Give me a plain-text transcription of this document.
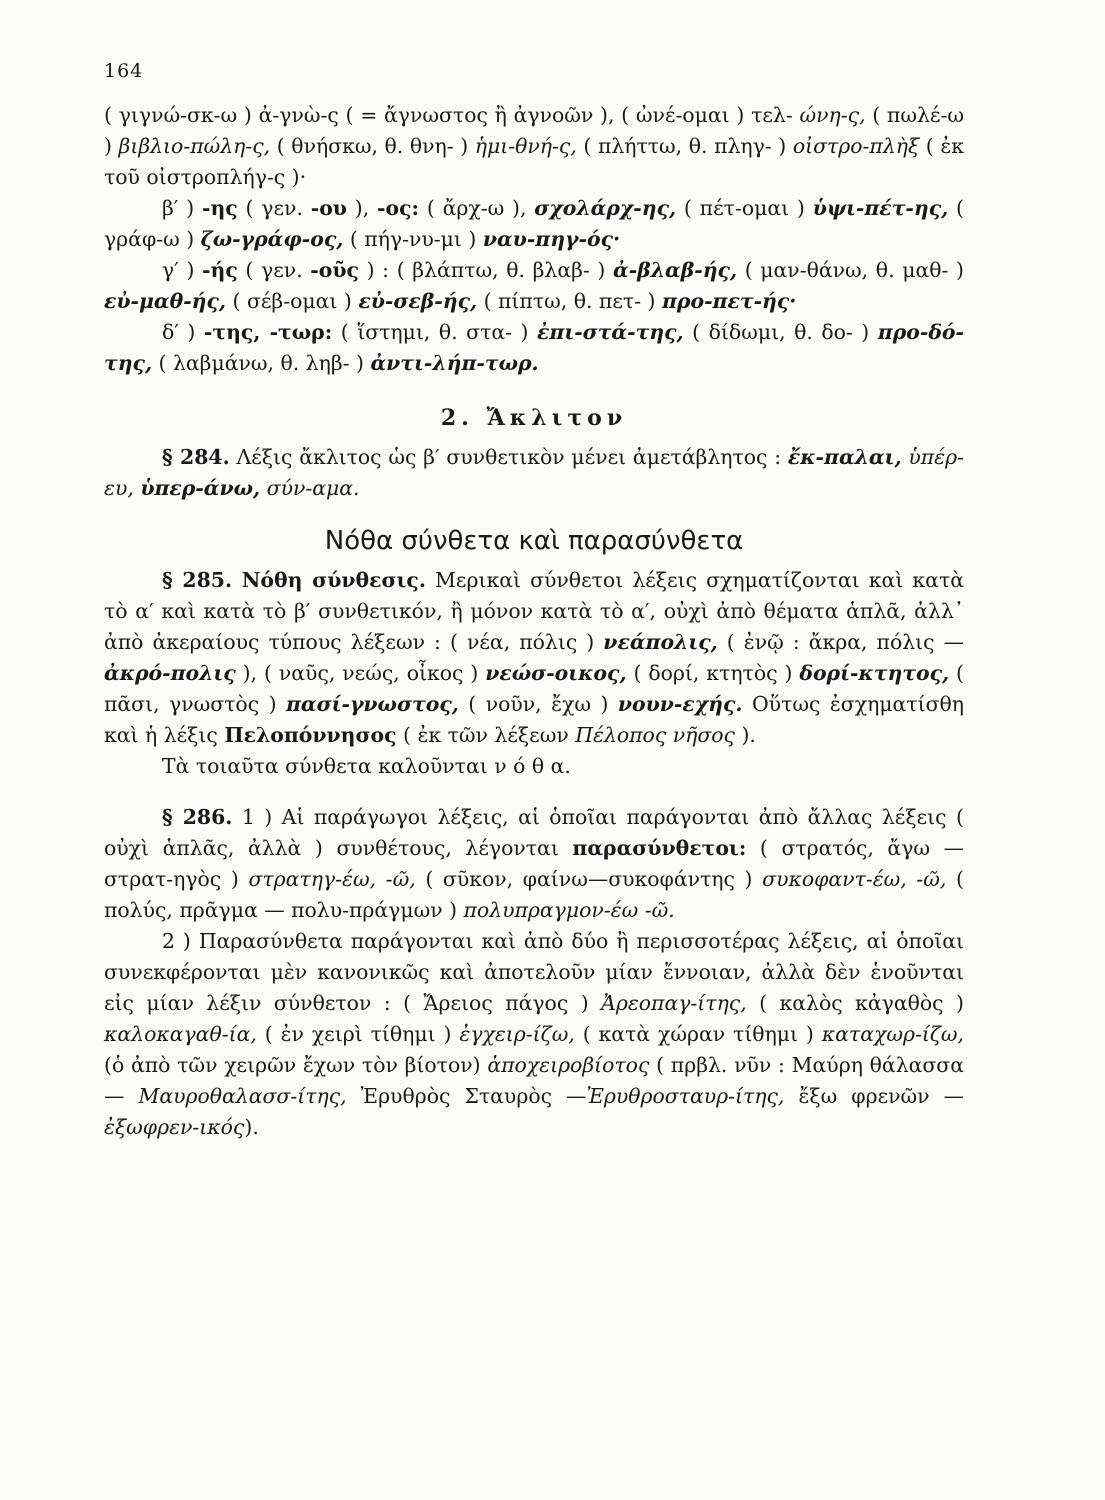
164

( γιγνώ-σκ-ω ) ἀ-γνὼ-ς ( = ἄγνωστος ἢ ἀγνοῶν ), ( ὠνέ-ομαι ) τελ- ώνη-ς, ( πωλέ-ω ) βιβλιο-πώλη-ς, ( θνήσκω, θ. θνη- ) ἡμι-θνή-ς, ( πλήττω, θ. πληγ- ) οἰστρο-πλὴξ ( ἐκ τοῦ οἰστροπλήγ-ς )·

β′ ) -ης ( γεν. -ου ), -ος: ( ἄρχ-ω ), σχολάρχ-ης, ( πέτ-ομαι ) ὑψι-πέτ-ης, ( γράφ-ω ) ζω-γράφ-ος, ( πήγ-νυ-μι ) ναυ-πηγ-ός·

γ′ ) -ής ( γεν. -οῦς ) : ( βλάπτω, θ. βλαβ- ) ἀ-βλαβ-ής, ( μαν-θάνω, θ. μαθ- ) εὐ-μαθ-ής, ( σέβ-ομαι ) εὐ-σεβ-ής, ( πίπτω, θ. πετ- ) προ-πετ-ής·

δ′ ) -της, -τωρ: ( ἵστημι, θ. στα- ) ἐπι-στά-της, ( δίδωμι, θ. δο- ) προ-δό-της, ( λαβμάνω, θ. ληβ- ) ἀντι-λήπ-τωρ.

2. Ἄκλιτον

§ 284. Λέξις ἄκλιτος ὡς β′ συνθετικὸν μένει ἀμετάβλητος : ἔκ-παλαι, ὑπέρ-ευ, ὑπερ-άνω, σύν-αμα.

Νόθα σύνθετα καὶ παρασύνθετα

§ 285. Νόθη σύνθεσις. Μερικαὶ σύνθετοι λέξεις σχηματίζονται καὶ κατὰ τὸ α′ καὶ κατὰ τὸ β′ συνθετικόν, ἢ μόνον κατὰ τὸ α′, οὐχὶ ἀπὸ θέματα ἁπλᾶ, ἀλλ᾽ ἀπὸ ἀκεραίους τύπους λέξεων : ( νέα, πόλις ) νεάπολις, ( ἐνῷ : ἄκρα, πόλις — ἀκρό-πολις ), ( ναῦς, νεώς, οἶκος ) νεώσ-οικος, ( δορί, κτητὸς ) δορί-κτητος, ( πᾶσι, γνωστὸς ) πασί-γνωστος, ( νοῦν, ἔχω ) νουν-εχής. Οὕτως ἐσχηματίσθη καὶ ἡ λέξις Πελοπόννησος ( ἐκ τῶν λέξεων Πέλοπος νῆσος ).

Τὰ τοιαῦτα σύνθετα καλοῦνται ν ό θ α.

§ 286. 1 ) Αἱ παράγωγοι λέξεις, αἱ ὁποῖαι παράγονται ἀπὸ ἄλλας λέξεις ( οὐχὶ ἁπλᾶς, ἀλλὰ ) συνθέτους, λέγονται παρασύνθετοι: ( στρατός, ἄγω — στρατ-ηγὸς ) στρατηγ-έω, -ῶ, ( σῦκον, φαίνω—συκοφάντης ) συκοφαντ-έω, -ῶ, ( πολύς, πρᾶγμα — πολυ-πράγμων ) πολυπραγμον-έω -ῶ.

2 ) Παρασύνθετα παράγονται καὶ ἀπὸ δύο ἢ περισσοτέρας λέξεις, αἱ ὁποῖαι συνεκφέρονται μὲν κανονικῶς καὶ ἀποτελοῦν μίαν ἔννοιαν, ἀλλὰ δὲν ἑνοῦνται εἰς μίαν λέξιν σύνθετον : ( Ἄρειος πάγος ) Ἀρεοπαγ-ίτης, ( καλὸς κἀγαθὸς ) καλοκαγαθ-ία, ( ἐν χειρὶ τίθημι ) ἐγχειρ-ίζω, ( κατὰ χώραν τίθημι ) καταχωρ-ίζω, (ὁ ἀπὸ τῶν χειρῶν ἔχων τὸν βίοτον) ἀποχειροβίοτος ( πρβλ. νῦν : Μαύρη θάλασσα — Μαυροθαλασσ-ίτης, Ἐρυθρὸς Σταυρὸς —Ἐρυθροσταυρ-ίτης, ἔξω φρενῶν — ἐξωφρεν-ικός).
